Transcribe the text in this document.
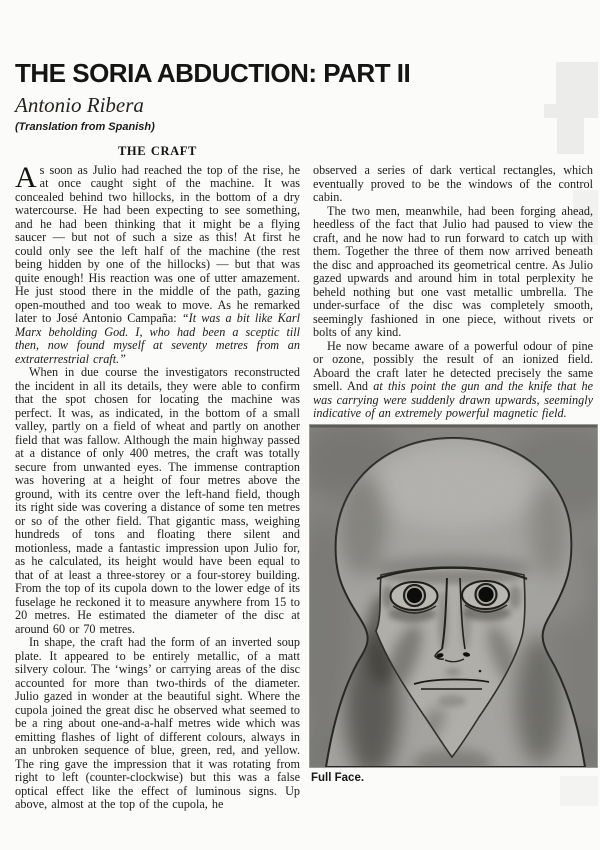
THE SORIA ABDUCTION: PART II
Antonio Ribera
(Translation from Spanish)
THE CRAFT

As soon as Julio had reached the top of the rise, he at once caught sight of the machine. It was concealed behind two hillocks, in the bottom of a dry watercourse. He had been expecting to see something, and he had been thinking that it might be a flying saucer — but not of such a size as this! At first he could only see the left half of the machine (the rest being hidden by one of the hillocks) — but that was quite enough! His reaction was one of utter amazement. He just stood there in the middle of the path, gazing open-mouthed and too weak to move. As he remarked later to José Antonio Campaña: “It was a bit like Karl Marx beholding God. I, who had been a sceptic till then, now found myself at seventy metres from an extraterrestrial craft.”

When in due course the investigators reconstructed the incident in all its details, they were able to confirm that the spot chosen for locating the machine was perfect. It was, as indicated, in the bottom of a small valley, partly on a field of wheat and partly on another field that was fallow. Although the main highway passed at a distance of only 400 metres, the craft was totally secure from unwanted eyes. The immense contraption was hovering at a height of four metres above the ground, with its centre over the left-hand field, though its right side was covering a distance of some ten metres or so of the other field. That gigantic mass, weighing hundreds of tons and floating there silent and motionless, made a fantastic impression upon Julio for, as he calculated, its height would have been equal to that of at least a three-storey or a four-storey building. From the top of its cupola down to the lower edge of its fuselage he reckoned it to measure anywhere from 15 to 20 metres. He estimated the diameter of the disc at around 60 or 70 metres.

In shape, the craft had the form of an inverted soup plate. It appeared to be entirely metallic, of a matt silvery colour. The ‘wings’ or carrying areas of the disc accounted for more than two-thirds of the diameter. Julio gazed in wonder at the beautiful sight. Where the cupola joined the great disc he observed what seemed to be a ring about one-and-a-half metres wide which was emitting flashes of light of different colours, always in an unbroken sequence of blue, green, red, and yellow. The ring gave the impression that it was rotating from right to left (counter-clockwise) but this was a false optical effect like the effect of luminous signs. Up above, almost at the top of the cupola, he

observed a series of dark vertical rectangles, which eventually proved to be the windows of the control cabin.

The two men, meanwhile, had been forging ahead, heedless of the fact that Julio had paused to view the craft, and he now had to run forward to catch up with them. Together the three of them now arrived beneath the disc and approached its geometrical centre. As Julio gazed upwards and around him in total perplexity he beheld nothing but one vast metallic umbrella. The under-surface of the disc was completely smooth, seemingly fashioned in one piece, without rivets or bolts of any kind.

He now became aware of a powerful odour of pine or ozone, possibly the result of an ionized field. Aboard the craft later he detected precisely the same smell. And at this point the gun and the knife that he was carrying were suddenly drawn upwards, seemingly indicative of an extremely powerful magnetic field.

Full Face.
